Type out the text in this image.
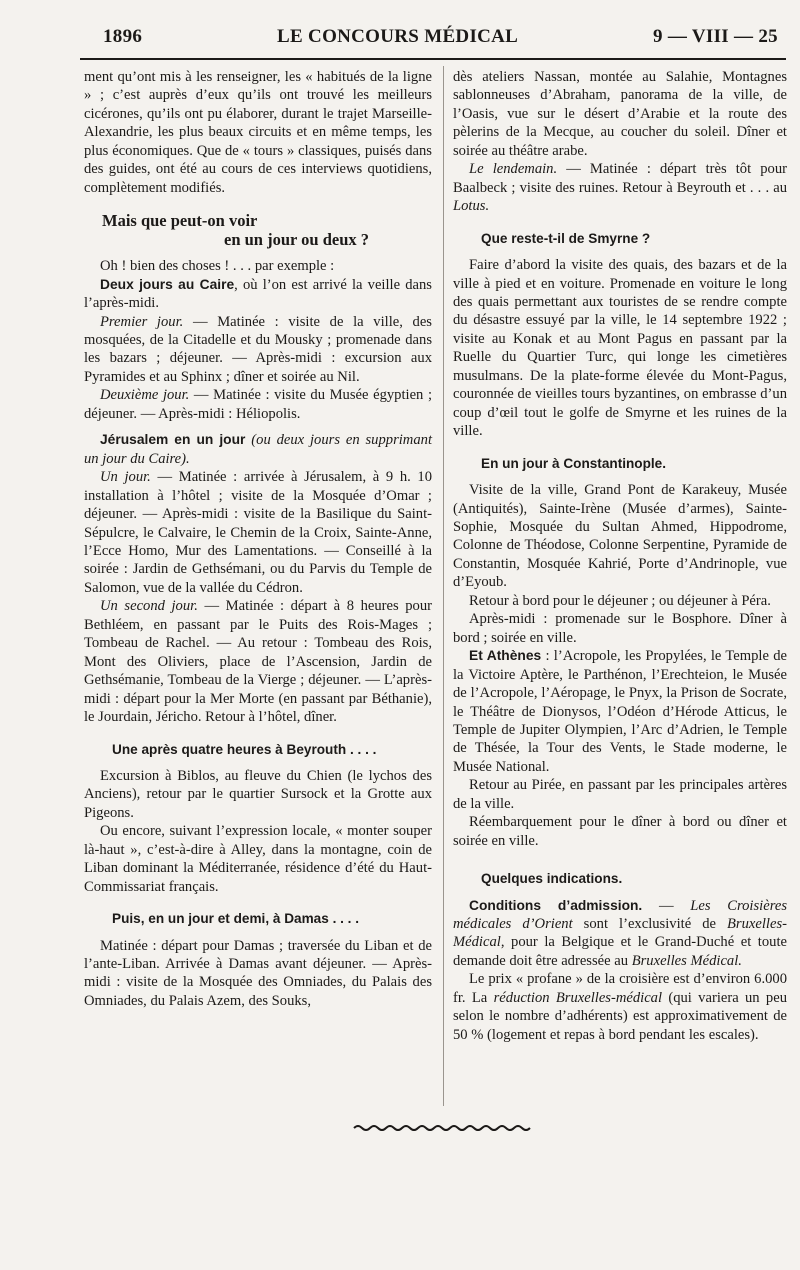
1896	LE CONCOURS MÉDICAL	9 — VIII — 25

ment qu’ont mis à les renseigner, les « habitués de la ligne » ; c’est auprès d’eux qu’ils ont trouvé les meilleurs cicérones, qu’ils ont pu élaborer, durant le trajet Marseille-Alexandrie, les plus beaux circuits et en même temps, les plus économiques. Que de « tours » classiques, puisés dans des guides, ont été au cours de ces interviews quotidiens, complètement modifiés.

Mais que peut-on voir
en un jour ou deux ?

Oh ! bien des choses ! . . . par exemple :

Deux jours au Caire, où l’on est arrivé la veille dans l’après-midi.

Premier jour. — Matinée : visite de la ville, des mosquées, de la Citadelle et du Mousky ; promenade dans les bazars ; déjeuner. — Après-midi : excursion aux Pyramides et au Sphinx ; dîner et soirée au Nil.

Deuxième jour. — Matinée : visite du Musée égyptien ; déjeuner. — Après-midi : Héliopolis.

Jérusalem en un jour (ou deux jours en supprimant un jour du Caire).

Un jour. — Matinée : arrivée à Jérusalem, à 9 h. 10 installation à l’hôtel ; visite de la Mosquée d’Omar ; déjeuner. — Après-midi : visite de la Basilique du Saint-Sépulcre, le Calvaire, le Chemin de la Croix, Sainte-Anne, l’Ecce Homo, Mur des Lamentations. — Conseillé à la soirée : Jardin de Gethsémani, ou du Parvis du Temple de Salomon, vue de la vallée du Cédron.

Un second jour. — Matinée : départ à 8 heures pour Bethléem, en passant par le Puits des Rois-Mages ; Tombeau de Rachel. — Au retour : Tombeau des Rois, Mont des Oliviers, place de l’Ascension, Jardin de Gethsémanie, Tombeau de la Vierge ; déjeuner. — L’après-midi : départ pour la Mer Morte (en passant par Béthanie), le Jourdain, Jéricho. Retour à l’hôtel, dîner.

Une après quatre heures à Beyrouth . . . .

Excursion à Biblos, au fleuve du Chien (le lychos des Anciens), retour par le quartier Sursock et la Grotte aux Pigeons.

Ou encore, suivant l’expression locale, « monter souper là-haut », c’est-à-dire à Alley, dans la montagne, coin de Liban dominant la Méditerranée, résidence d’été du Haut-Commissariat français.

Puis, en un jour et demi, à Damas . . . .

Matinée : départ pour Damas ; traversée du Liban et de l’ante-Liban. Arrivée à Damas avant déjeuner. — Après-midi : visite de la Mosquée des Omniades, du Palais des Omniades, du Palais Azem, des Souks,

dès ateliers Nassan, montée au Salahie, Montagnes sablonneuses d’Abraham, panorama de la ville, de l’Oasis, vue sur le désert d’Arabie et la route des pèlerins de la Mecque, au coucher du soleil. Dîner et soirée au théâtre arabe.

Le lendemain. — Matinée : départ très tôt pour Baalbeck ; visite des ruines. Retour à Beyrouth et . . . au Lotus.

Que reste-t-il de Smyrne ?

Faire d’abord la visite des quais, des bazars et de la ville à pied et en voiture. Promenade en voiture le long des quais permettant aux touristes de se rendre compte du désastre essuyé par la ville, le 14 septembre 1922 ; visite au Konak et au Mont Pagus en passant par la Ruelle du Quartier Turc, qui longe les cimetières musulmans. De la plate-forme élevée du Mont-Pagus, couronnée de vieilles tours byzantines, on embrasse d’un coup d’œil tout le golfe de Smyrne et les ruines de la ville.

En un jour à Constantinople.

Visite de la ville, Grand Pont de Karakeuy, Musée (Antiquités), Sainte-Irène (Musée d’armes), Sainte-Sophie, Mosquée du Sultan Ahmed, Hippodrome, Colonne de Théodose, Colonne Serpentine, Pyramide de Constantin, Mosquée Kahrié, Porte d’Andrinople, vue d’Eyoub.

Retour à bord pour le déjeuner ; ou déjeuner à Péra.

Après-midi : promenade sur le Bosphore. Dîner à bord ; soirée en ville.

Et Athènes : l’Acropole, les Propylées, le Temple de la Victoire Aptère, le Parthénon, l’Erechteion, le Musée de l’Acropole, l’Aéropage, le Pnyx, la Prison de Socrate, le Théâtre de Dionysos, l’Odéon d’Hérode Atticus, le Temple de Jupiter Olympien, l’Arc d’Adrien, le Temple de Thésée, la Tour des Vents, le Stade moderne, le Musée National.

Retour au Pirée, en passant par les principales artères de la ville.

Réembarquement pour le dîner à bord ou dîner et soirée en ville.

Quelques indications.

Conditions d’admission. — Les Croisières médicales d’Orient sont l’exclusivité de Bruxelles-Médical, pour la Belgique et le Grand-Duché et toute demande doit être adressée au Bruxelles Médical.

Le prix « profane » de la croisière est d’environ 6.000 fr. La réduction Bruxelles-médical (qui variera un peu selon le nombre d’adhérents) est approximativement de 50 % (logement et repas à bord pendant les escales).
